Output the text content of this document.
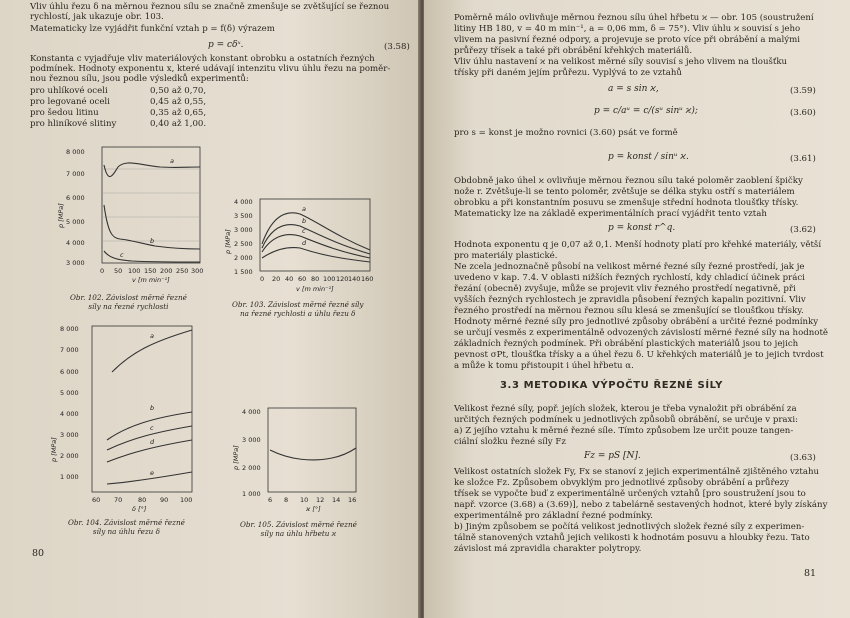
Vliv úhlu řezu δ na měrnou řeznou sílu se značně zmenšuje se zvětšující se řeznou
rychlostí, jak ukazuje obr. 103.
Matematicky lze vyjádřit funkční vztah p = f(δ) výrazem
p = cδˣ.	(3.58)
Konstanta c vyjadřuje vliv materiálových konstant obrobku a ostatních řezných
podmínek. Hodnoty exponentu x, které udávají intenzitu vlivu úhlu řezu na poměr-
nou řeznou sílu, jsou podle výsledků experimentů:
pro uhlíkové oceli	0,50 až 0,70,
pro legované oceli	0,45 až 0,55,
pro šedou litinu	0,35 až 0,65,
pro hliníkové slitiny	0,40 až 1,00.
8 000
7 000
6 000
5 000
4 000
3 000
0 50 100 150 200 250 300
v [m min⁻¹]
p [MPa]
a
b
c
Obr. 102. Závislost měrné řezné
síly na řezné rychlosti
4 000
3 500
3 000
2 500
2 000
1 500
0 20 40 60 80 100 120 140 160
v [m min⁻¹]
p [MPa]
a
b
c
d
Obr. 103. Závislost měrné řezné síly
na řezné rychlosti a úhlu řezu δ
8 000
7 000
6 000
5 000
4 000
3 000
2 000
1 000
60 70 80 90 100
δ [°]
p [MPa]
a
b
c
d
e
Obr. 104. Závislost měrné řezné
síly na úhlu řezu δ
4 000
3 000
2 000
1 000
6 8 10 12 14 16
ϰ [°]
p [MPa]
Obr. 105. Závislost měrné řezné
síly na úhlu hřbetu ϰ
80
Poměrně málo ovlivňuje měrnou řeznou sílu úhel hřbetu ϰ — obr. 105 (soustružení
litiny HB 180, v = 40 m min⁻¹, a = 0,06 mm, δ = 75°). Vliv úhlu ϰ souvisí s jeho
vlivem na pasivní řezné odpory, a projevuje se proto více při obrábění a malými
průřezy třísek a také při obrábění křehkých materiálů.
Vliv úhlu nastavení ϰ na velikost měrné síly souvisí s jeho vlivem na tloušťku
třísky při daném jejím průřezu. Vyplývá to ze vztahů
a = s sin ϰ,	(3.59)
p = c/aᵘ = c/(sᵘ sinᵘ ϰ);	(3.60)
pro s = konst je možno rovnici (3.60) psát ve formě
p = konst / sinᵘ ϰ.	(3.61)
Obdobně jako úhel ϰ ovlivňuje měrnou řeznou sílu také poloměr zaoblení špičky
nože r. Zvětšuje-li se tento poloměr, zvětšuje se délka styku ostří s materiálem
obrobku a při konstantním posuvu se zmenšuje střední hodnota tloušťky třísky.
Matematicky lze na základě experimentálních prací vyjádřit tento vztah
p = konst r^q.	(3.62)
Hodnota exponentu q je 0,07 až 0,1. Menší hodnoty platí pro křehké materiály, větší
pro materiály plastické.
Ne zcela jednoznačně působí na velikost měrné řezné síly řezné prostředí, jak je
uvedeno v kap. 7.4. V oblasti nižších řezných rychlostí, kdy chladicí účinek práci
řezání (obecně) zvyšuje, může se projevit vliv řezného prostředí negativně, při
vyšších řezných rychlostech je zpravidla působení řezných kapalin pozitivní. Vliv
řezného prostředí na měrnou řeznou sílu klesá se zmenšující se tloušťkou třísky.
Hodnoty měrné řezné síly pro jednotlivé způsoby obrábění a určité řezné podmínky
se určují vesměs z experimentálně odvozených závislostí měrné řezné síly na hodnotě
základních řezných podmínek. Při obrábění plastických materiálů jsou to jejich
pevnost σPt, tloušťka třísky a a úhel řezu δ. U křehkých materiálů je to jejich tvrdost
a může k tomu přistoupit i úhel hřbetu α.
3.3 METODIKA VÝPOČTU ŘEZNÉ SÍLY
Velikost řezné síly, popř. jejích složek, kterou je třeba vynaložit při obrábění za
určitých řezných podmínek u jednotlivých způsobů obrábění, se určuje v praxi:
a) Z jejího vztahu k měrné řezné síle. Tímto způsobem lze určit pouze tangen-
ciální složku řezné síly Fz
Fz = pS [N].	(3.63)
Velikost ostatních složek Fy, Fx se stanoví z jejich experimentálně zjištěného vztahu
ke složce Fz. Způsobem obvyklým pro jednotlivé způsoby obrábění a průřezy
třísek se vypočte buď z experimentálně určených vztahů [pro soustružení jsou to
např. vzorce (3.68) a (3.69)], nebo z tabelárně sestavených hodnot, které byly získány
experimentálně pro základní řezné podmínky.
b) Jiným způsobem se počítá velikost jednotlivých složek řezné síly z experimen-
tálně stanovených vztahů jejich velikosti k hodnotám posuvu a hloubky řezu. Tato
závislost má zpravidla charakter polytropy.
81
